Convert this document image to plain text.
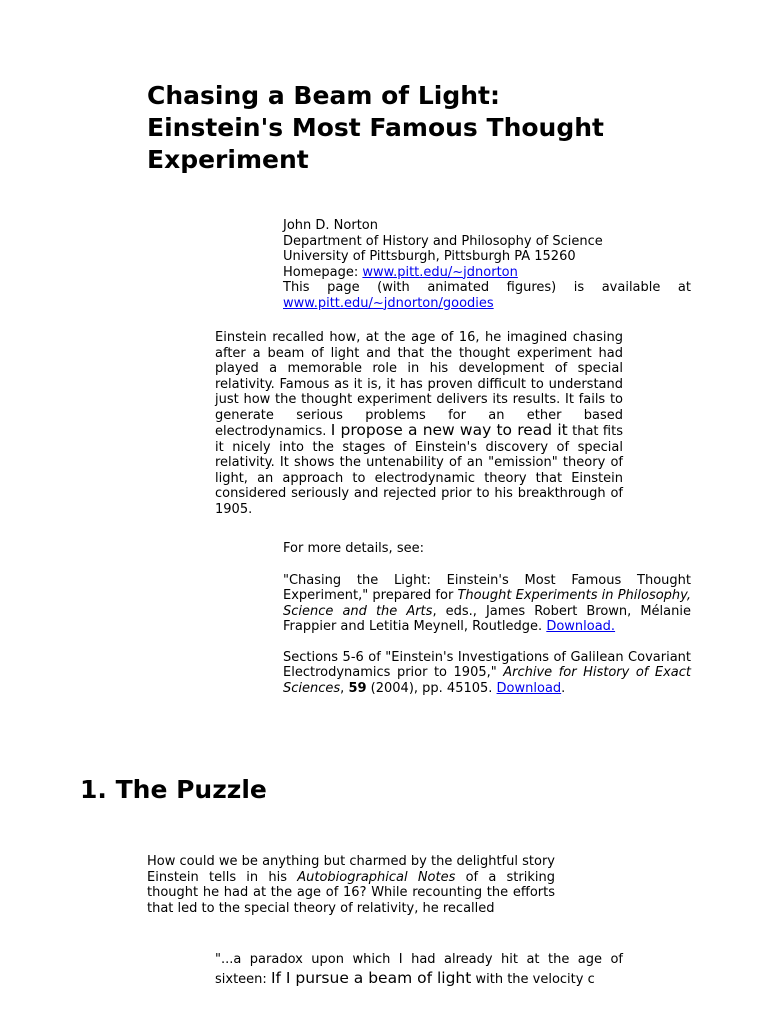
Chasing a Beam of Light:
Einstein's Most Famous Thought
Experiment
John D. Norton
Department of History and Philosophy of Science
University of Pittsburgh, Pittsburgh PA 15260
Homepage: www.pitt.edu/~jdnorton
This page (with animated figures) is available at
www.pitt.edu/~jdnorton/goodies

Einstein recalled how, at the age of 16, he imagined chasing after a beam of light and that the thought experiment had played a memorable role in his development of special relativity. Famous as it is, it has proven difficult to understand just how the thought experiment delivers its results. It fails to generate serious problems for an ether based electrodynamics. I propose a new way to read it that fits it nicely into the stages of Einstein's discovery of special relativity. It shows the untenability of an "emission" theory of light, an approach to electrodynamic theory that Einstein considered seriously and rejected prior to his breakthrough of 1905.

For more details, see:

"Chasing the Light: Einstein's Most Famous Thought Experiment," prepared for Thought Experiments in Philosophy, Science and the Arts, eds., James Robert Brown, Mélanie Frappier and Letitia Meynell, Routledge. Download.

Sections 5-6 of "Einstein's Investigations of Galilean Covariant Electrodynamics prior to 1905," Archive for History of Exact Sciences, 59 (2004), pp. 45105. Download.

1. The Puzzle

How could we be anything but charmed by the delightful story Einstein tells in his Autobiographical Notes of a striking thought he had at the age of 16? While recounting the efforts that led to the special theory of relativity, he recalled

"...a paradox upon which I had already hit at the age of sixteen: If I pursue a beam of light with the velocity c
